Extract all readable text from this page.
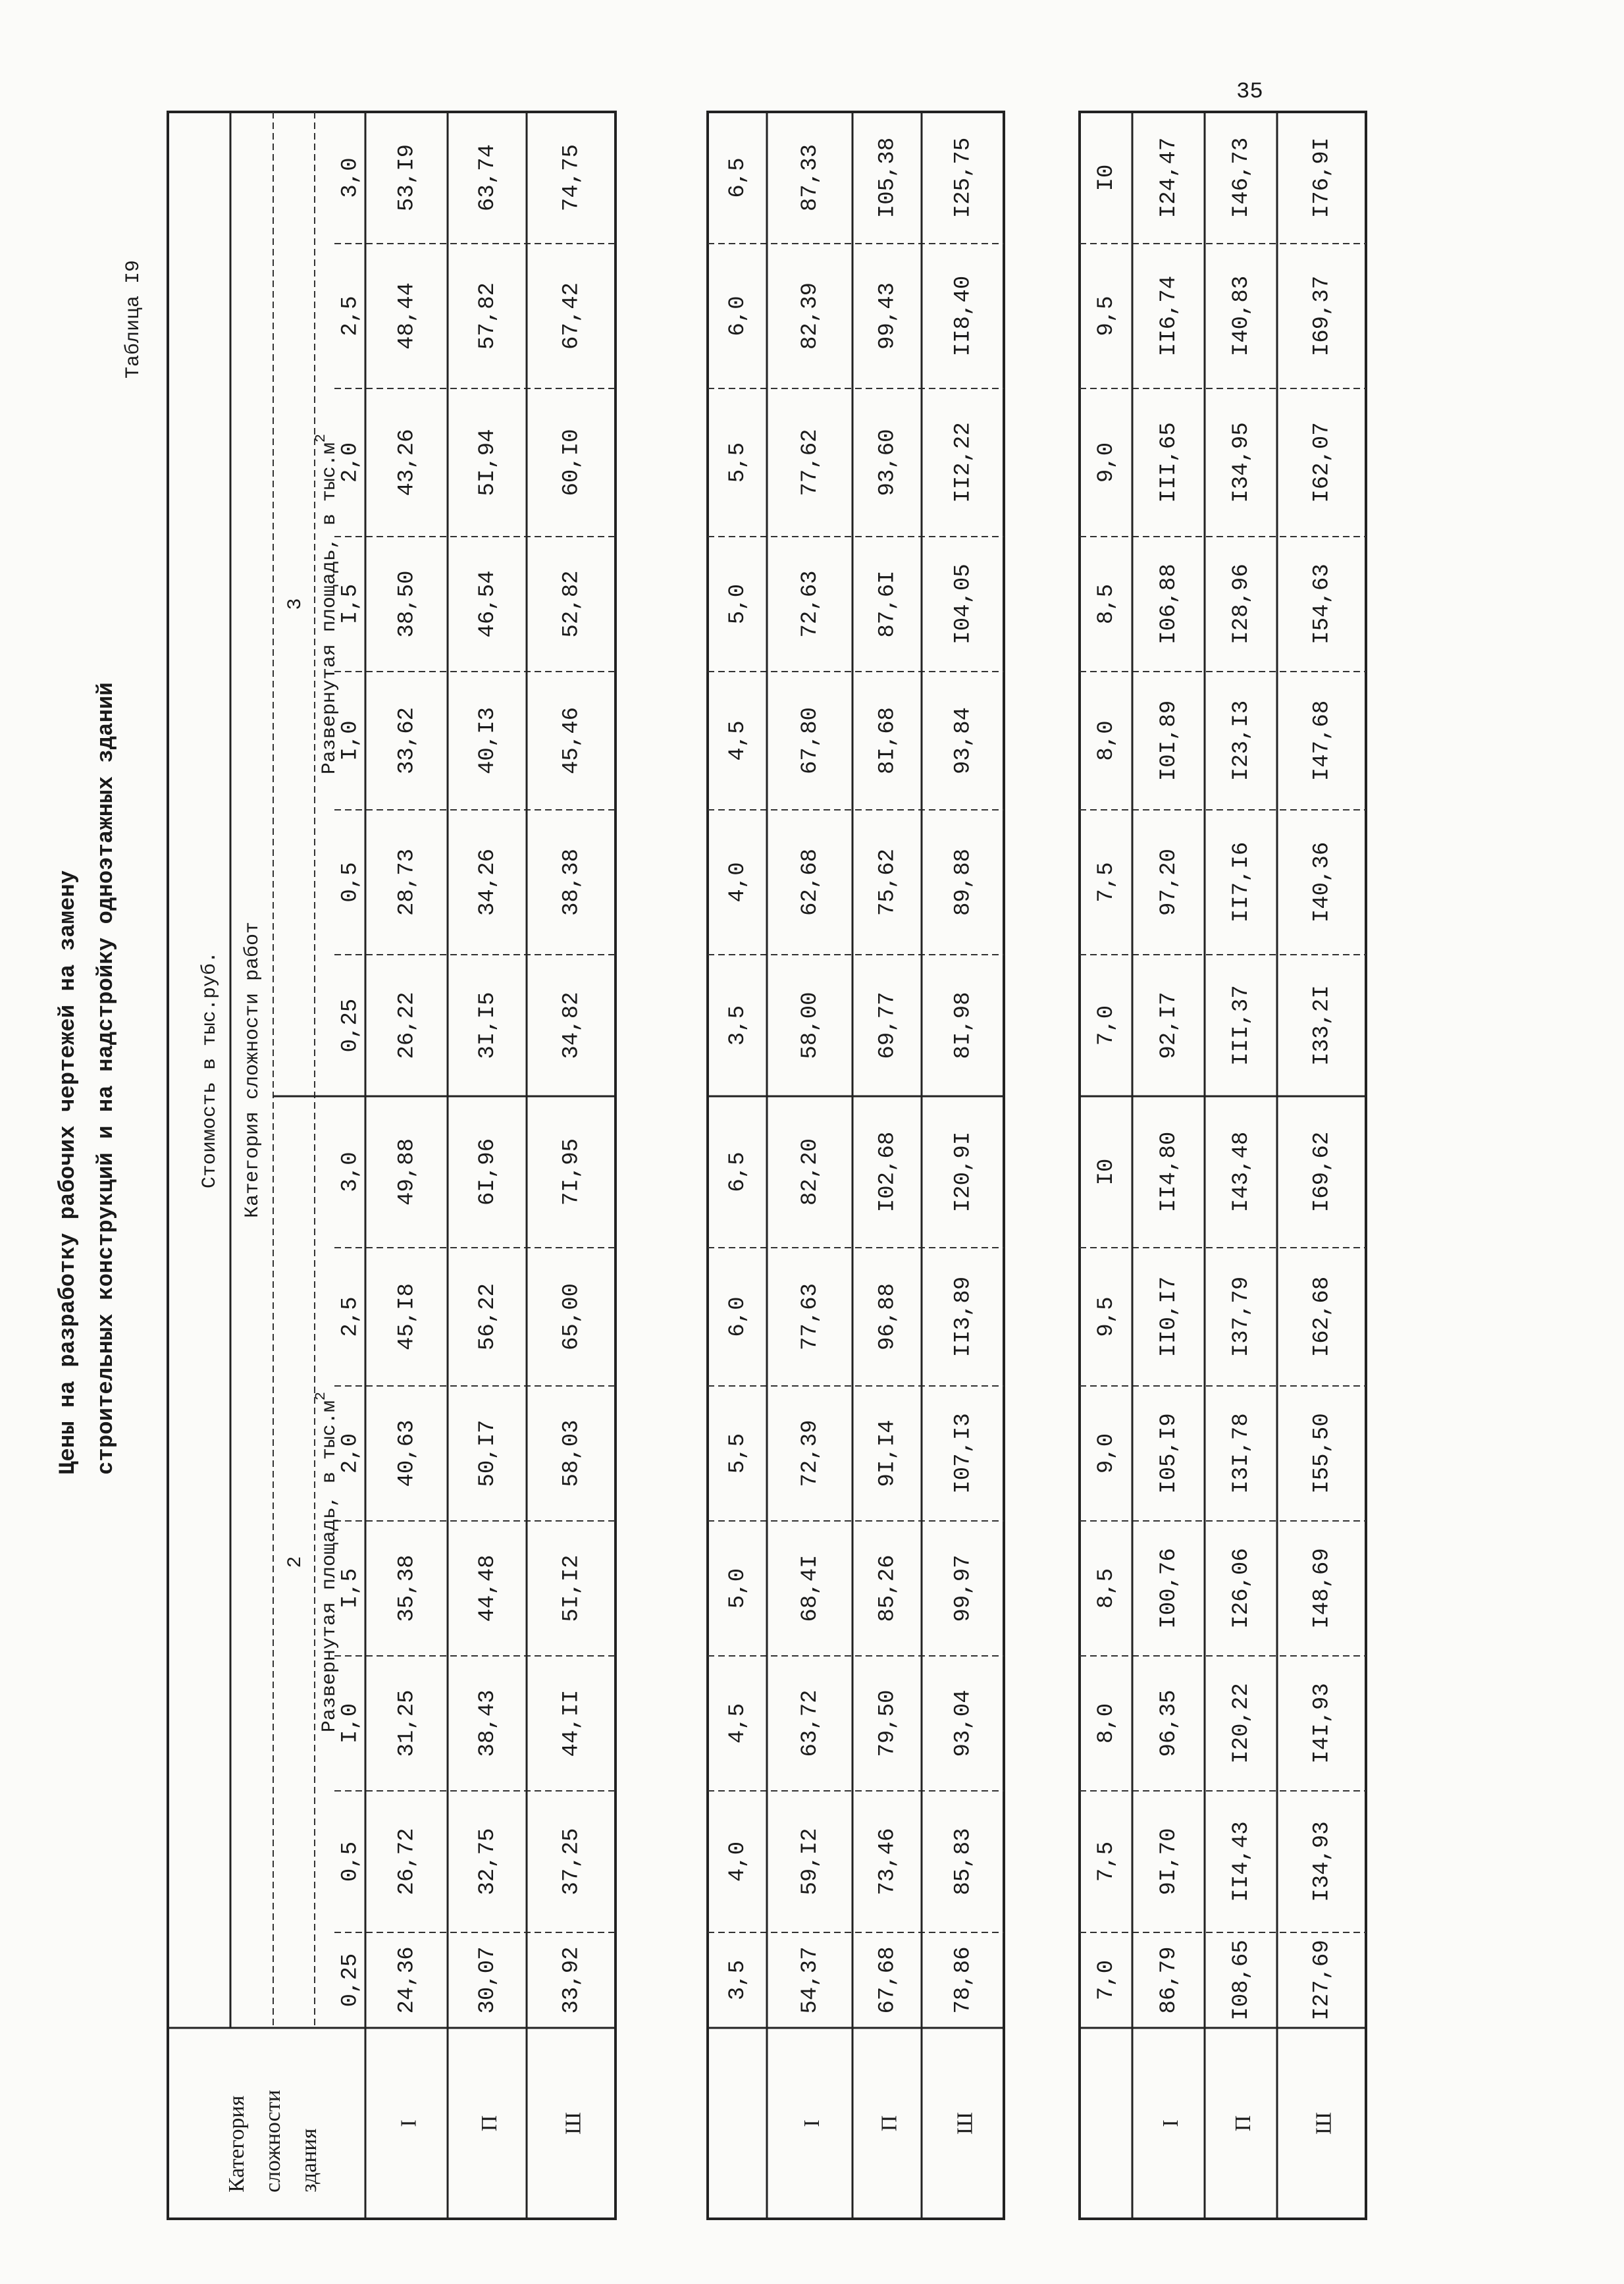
35
Таблица I9
Цены на разработку рабочих чертежей на замену строительных конструкций и на надстройку одноэтажных зданий
0,25
0,5
I,0
I,5
2,0
2,5
3,0
0,25
0,5
I,0
I,5
2,0
2,5
3,0
I
24,36
26,72
31,25
35,38
40,63
45,I8
49,88
26,22
28,73
33,62
38,50
43,26
48,44
53,I9
П
30,07
32,75
38,43
44,48
50,I7
56,22
6I,96
3I,I5
34,26
40,I3
46,54
5I,94
57,82
63,74
Ш
33,92
37,25
44,II
5I,I2
58,03
65,00
7I,95
34,82
38,38
45,46
52,82
60,I0
67,42
74,75
3,5
4,0
4,5
5,0
5,5
6,0
6,5
3,5
4,0
4,5
5,0
5,5
6,0
6,5
I
54,37
59,I2
63,72
68,4I
72,39
77,63
82,20
58,00
62,68
67,80
72,63
77,62
82,39
87,33
П
67,68
73,46
79,50
85,26
9I,I4
96,88
I02,68
69,77
75,62
8I,68
87,6I
93,60
99,43
I05,38
Ш
78,86
85,83
93,04
99,97
I07,I3
II3,89
I20,9I
8I,98
89,88
93,84
I04,05
II2,22
II8,40
I25,75
7,0
7,5
8,0
8,5
9,0
9,5
I0
7,0
7,5
8,0
8,5
9,0
9,5
I0
I
86,79
9I,70
96,35
I00,76
I05,I9
II0,I7
II4,80
92,I7
97,20
I0I,89
I06,88
III,65
II6,74
I24,47
П
I08,65
II4,43
I20,22
I26,06
I3I,78
I37,79
I43,48
III,37
II7,I6
I23,I3
I28,96
I34,95
I40,83
I46,73
Ш
I27,69
I34,93
I4I,93
I48,69
I55,50
I62,68
I69,62
I33,2I
I40,36
I47,68
I54,63
I62,07
I69,37
I76,9I
Стоимость в тыс.руб. Категория сложности работ
2
3
Развернутая площадь, в $тыс.м^2$
Развернутая площадь, в $тыс.м^2$
Категория сложности здания
